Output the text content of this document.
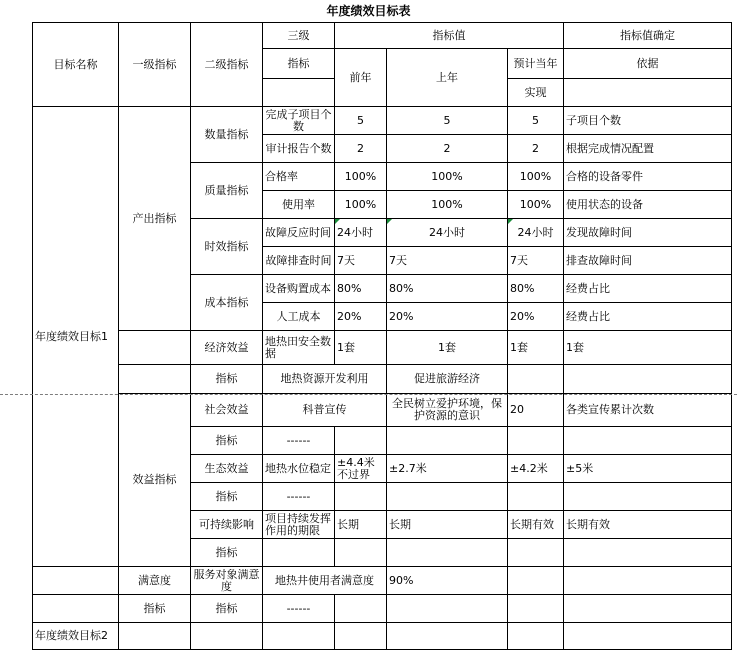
年度绩效目标表
目标名称	一级指标	二级指标	三级	指标值			指标值确定
			指标	前年	上年	预计当年	依据
						实现	
年度绩效目标1	产出指标	数量指标	完成子项目个数	5	5	5	子项目个数

			审计报告个数	2	2	2	根据完成情况配置
		质量指标	合格率	100%	100%	100%	合格的设备零件
			使用率	100%	100%	100%	使用状态的设备
		时效指标	故障反应时间	24小时	24小时	24小时	发现故障时间

			故障排查时间	7天	7天	7天	排查故障时间
		成本指标	设备购置成本	80%	80%	80%	经费占比
			人工成本	20%	20%	20%	经费占比
		经济效益	地热田安全数据	1套	1套	1套	1套
		指标	地热资源开发利用		促进旅游经济		
	效益指标	社会效益	科普宣传		全民树立爱护环境，保护资源的意识	20	各类宣传累计次数
		指标	------				
		生态效益	地热水位稳定	±4.4米不过界	±2.7米	±4.2米	±5米
		指标	------				
		可持续影响	项目持续发挥作用的期限	长期	长期	长期有效	长期有效
		指标					
	满意度	服务对象满意度	地热井使用者满意度		90%		
	指标	指标	------				
年度绩效目标2							
